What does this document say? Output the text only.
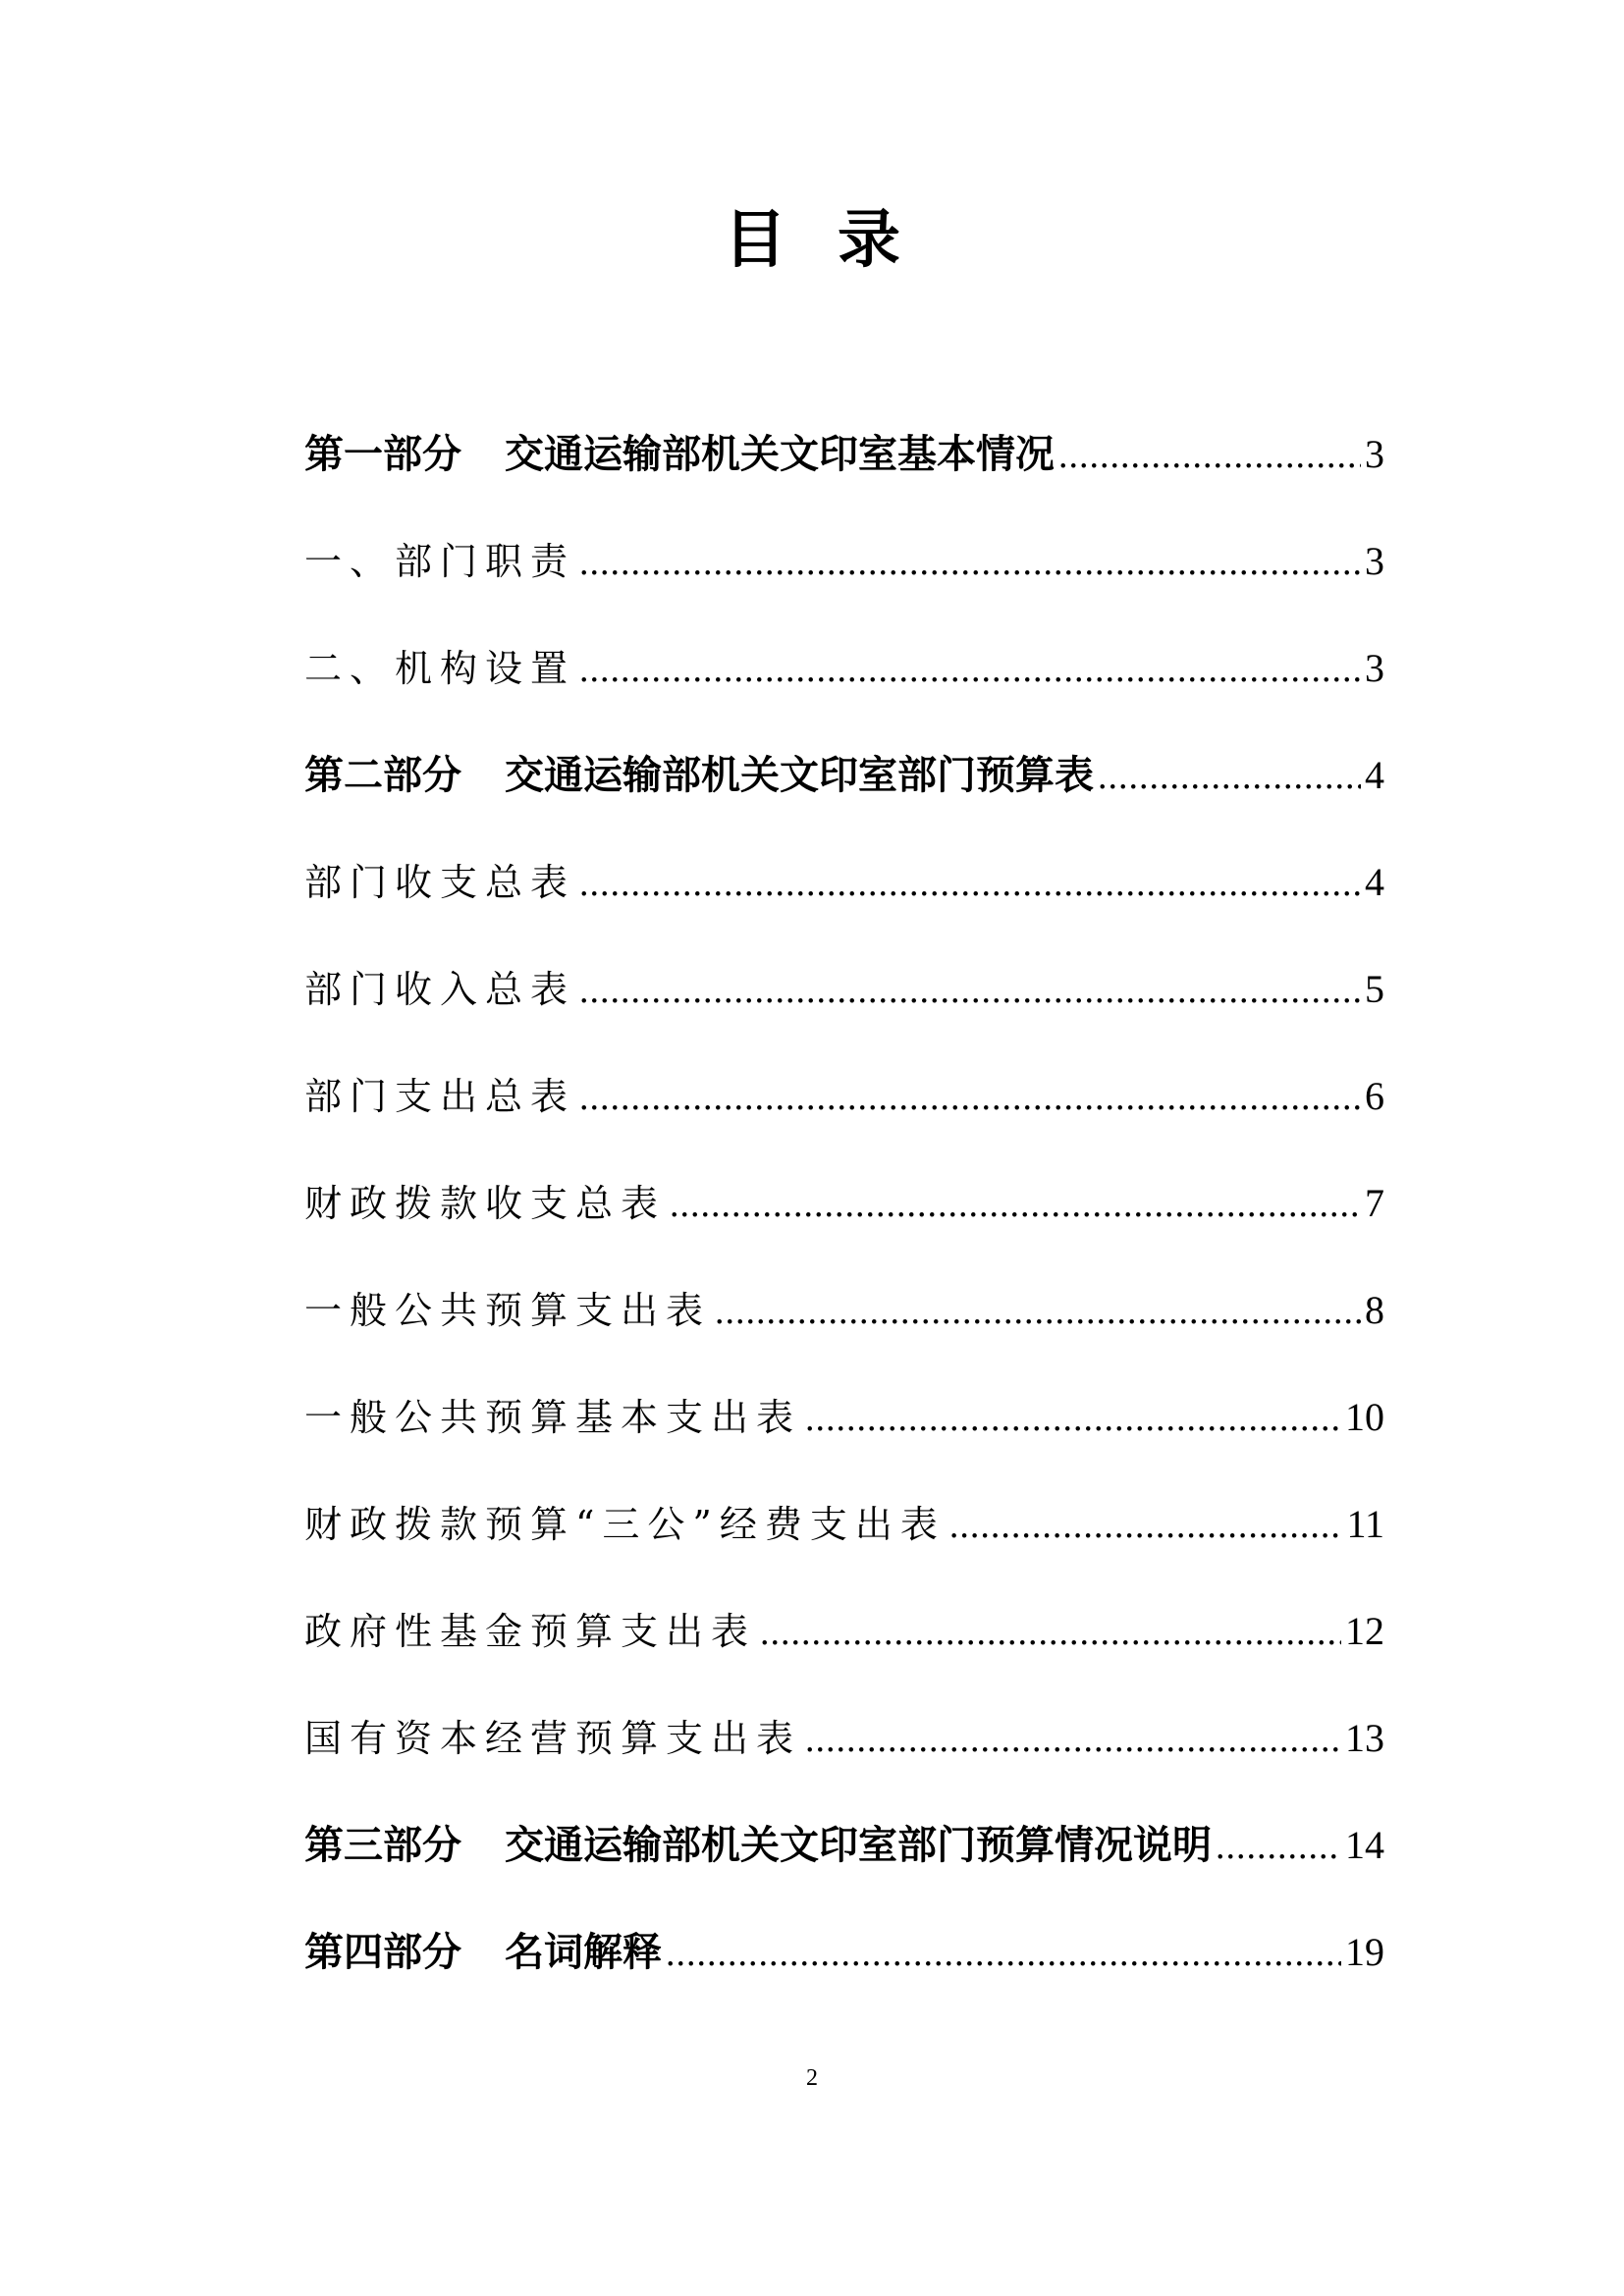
目录
第一部分 交通运输部机关文印室基本情况 .....	3
一、部门职责 .....	3
二、机构设置 .....	3
第二部分 交通运输部机关文印室部门预算表 .....	4
部门收支总表 .....	4
部门收入总表 .....	5
部门支出总表 .....	6
财政拨款收支总表 .....	7
一般公共预算支出表 .....	8
一般公共预算基本支出表 .....	10
财政拨款预算“三公”经费支出表 .....	11
政府性基金预算支出表 .....	12
国有资本经营预算支出表 .....	13
第三部分 交通运输部机关文印室部门预算情况说明 .....	14
第四部分 名词解释 .....	19
2
